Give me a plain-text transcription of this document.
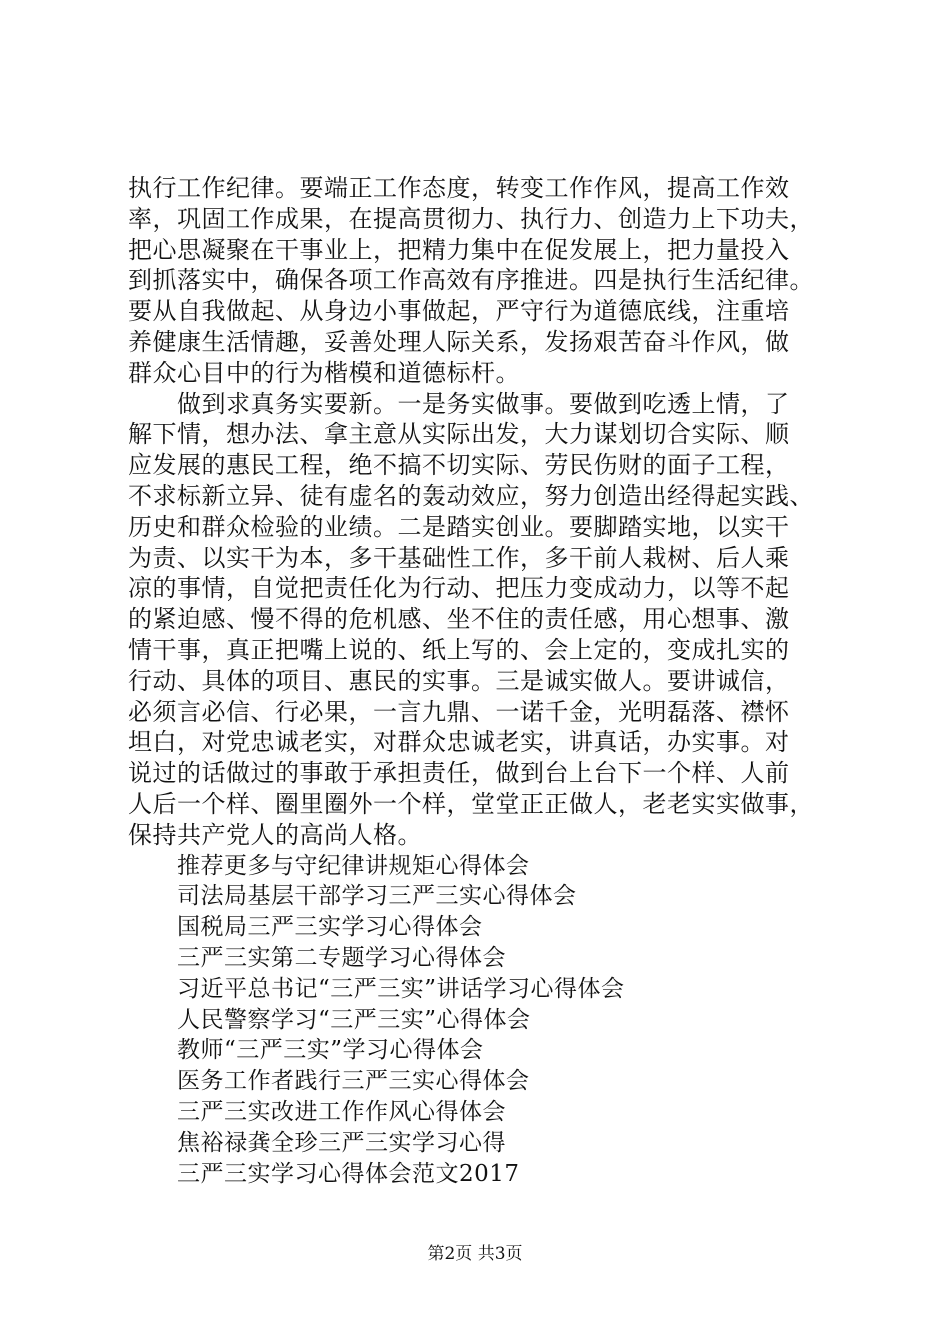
执行工作纪律。要端正工作态度，转变工作作风，提高工作效
率，巩固工作成果，在提高贯彻力、执行力、创造力上下功夫，
把心思凝聚在干事业上，把精力集中在促发展上，把力量投入
到抓落实中，确保各项工作高效有序推进。四是执行生活纪律。
要从自我做起、从身边小事做起，严守行为道德底线，注重培
养健康生活情趣，妥善处理人际关系，发扬艰苦奋斗作风，做
群众心目中的行为楷模和道德标杆。
做到求真务实要新。一是务实做事。要做到吃透上情，了
解下情，想办法、拿主意从实际出发，大力谋划切合实际、顺
应发展的惠民工程，绝不搞不切实际、劳民伤财的面子工程，
不求标新立异、徒有虚名的轰动效应，努力创造出经得起实践、
历史和群众检验的业绩。二是踏实创业。要脚踏实地，以实干
为责、以实干为本，多干基础性工作，多干前人栽树、后人乘
凉的事情，自觉把责任化为行动、把压力变成动力，以等不起
的紧迫感、慢不得的危机感、坐不住的责任感，用心想事、激
情干事，真正把嘴上说的、纸上写的、会上定的，变成扎实的
行动、具体的项目、惠民的实事。三是诚实做人。要讲诚信，
必须言必信、行必果，一言九鼎、一诺千金，光明磊落、襟怀
坦白，对党忠诚老实，对群众忠诚老实，讲真话，办实事。对
说过的话做过的事敢于承担责任，做到台上台下一个样、人前
人后一个样、圈里圈外一个样，堂堂正正做人，老老实实做事，
保持共产党人的高尚人格。
推荐更多与守纪律讲规矩心得体会
司法局基层干部学习三严三实心得体会
国税局三严三实学习心得体会
三严三实第二专题学习心得体会
习近平总书记“三严三实”讲话学习心得体会
人民警察学习“三严三实”心得体会
教师“三严三实”学习心得体会
医务工作者践行三严三实心得体会
三严三实改进工作作风心得体会
焦裕禄龚全珍三严三实学习心得
三严三实学习心得体会范文2017
第2页 共3页
